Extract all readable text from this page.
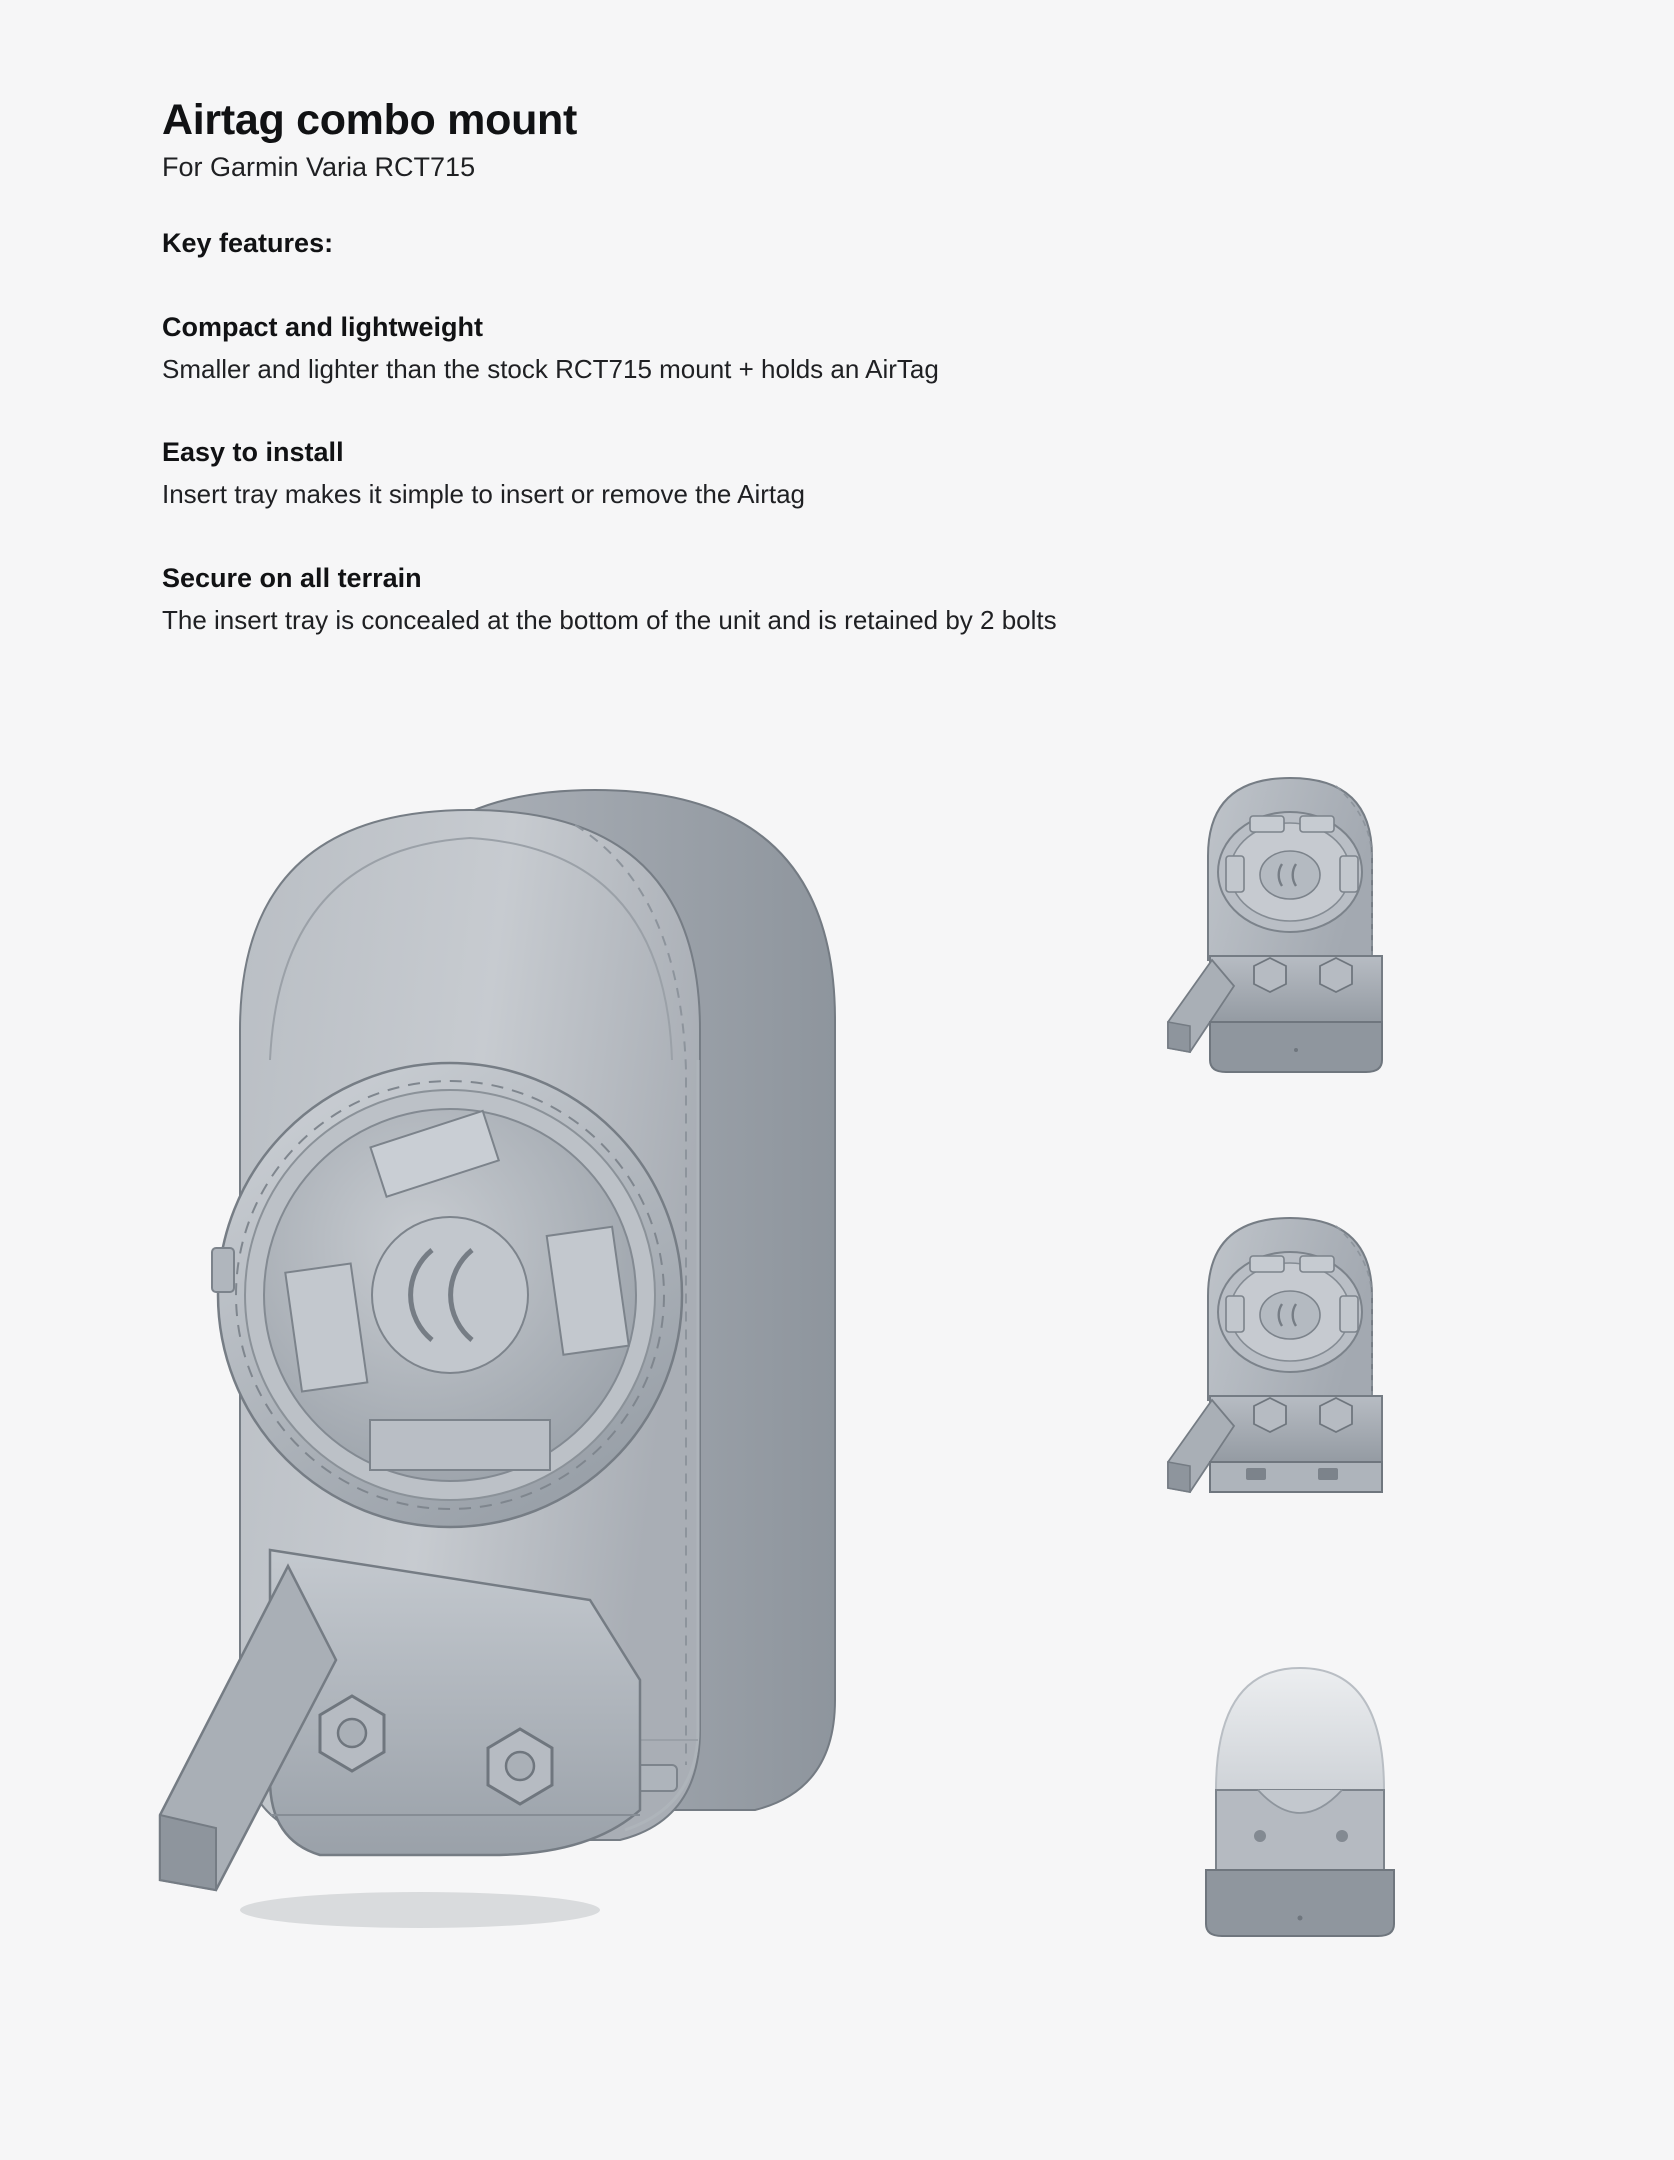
Airtag combo mount

For Garmin Varia RCT715

Key features:

Compact and lightweight

Smaller and lighter than the stock RCT715 mount + holds an AirTag

Easy to install

Insert tray makes it simple to insert or remove the Airtag

Secure on all terrain

The insert tray is concealed at the bottom of the unit and is retained by 2 bolts
